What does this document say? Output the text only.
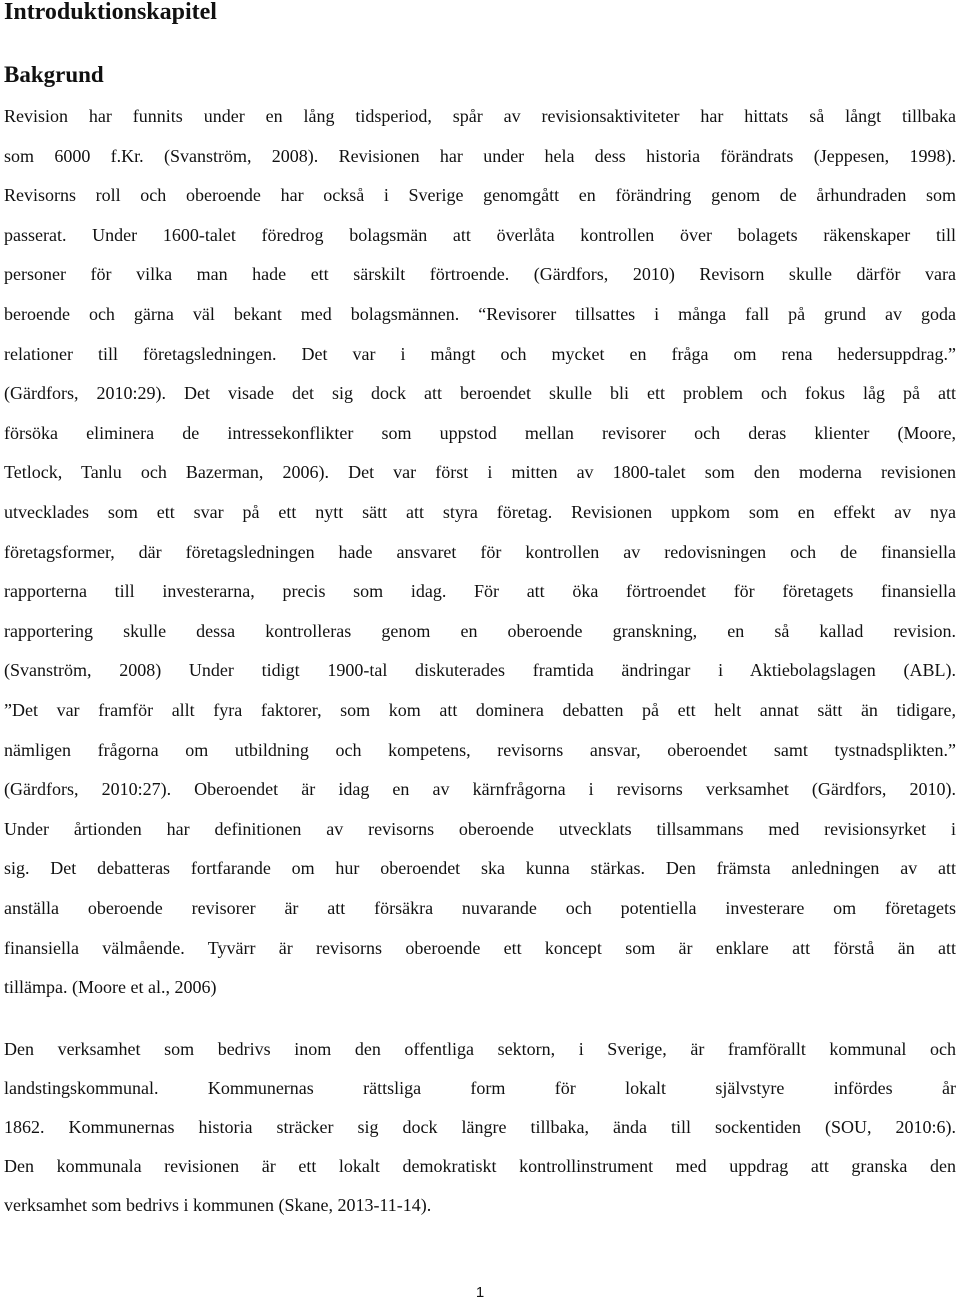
Introduktionskapitel
Bakgrund
Revision har funnits under en lång tidsperiod, spår av revisionsaktiviteter har hittats så långt tillbaka
som 6000 f.Kr. (Svanström, 2008). Revisionen har under hela dess historia förändrats (Jeppesen, 1998).
Revisorns roll och oberoende har också i Sverige genomgått en förändring genom de århundraden som
passerat. Under 1600-talet föredrog bolagsmän att överlåta kontrollen över bolagets räkenskaper till
personer för vilka man hade ett särskilt förtroende. (Gärdfors, 2010) Revisorn skulle därför vara
beroende och gärna väl bekant med bolagsmännen. “Revisorer tillsattes i många fall på grund av goda
relationer till företagsledningen. Det var i mångt och mycket en fråga om rena hedersuppdrag.”
(Gärdfors, 2010:29). Det visade det sig dock att beroendet skulle bli ett problem och fokus låg på att
försöka eliminera de intressekonflikter som uppstod mellan revisorer och deras klienter (Moore,
Tetlock, Tanlu och Bazerman, 2006). Det var först i mitten av 1800-talet som den moderna revisionen
utvecklades som ett svar på ett nytt sätt att styra företag. Revisionen uppkom som en effekt av nya
företagsformer, där företagsledningen hade ansvaret för kontrollen av redovisningen och de finansiella
rapporterna till investerarna, precis som idag. För att öka förtroendet för företagets finansiella
rapportering skulle dessa kontrolleras genom en oberoende granskning, en så kallad revision.
(Svanström, 2008) Under tidigt 1900-tal diskuterades framtida ändringar i Aktiebolagslagen (ABL).
”Det var framför allt fyra faktorer, som kom att dominera debatten på ett helt annat sätt än tidigare,
nämligen frågorna om utbildning och kompetens, revisorns ansvar, oberoendet samt tystnadsplikten.”
(Gärdfors, 2010:27). Oberoendet är idag en av kärnfrågorna i revisorns verksamhet (Gärdfors, 2010).
Under årtionden har definitionen av revisorns oberoende utvecklats tillsammans med revisionsyrket i
sig. Det debatteras fortfarande om hur oberoendet ska kunna stärkas. Den främsta anledningen av att
anställa oberoende revisorer är att försäkra nuvarande och potentiella investerare om företagets
finansiella välmående. Tyvärr är revisorns oberoende ett koncept som är enklare att förstå än att
tillämpa. (Moore et al., 2006)
Den verksamhet som bedrivs inom den offentliga sektorn, i Sverige, är framförallt kommunal och
landstingskommunal. Kommunernas rättsliga form för lokalt självstyre infördes år
1862. Kommunernas historia sträcker sig dock längre tillbaka, ända till sockentiden (SOU, 2010:6).
Den kommunala revisionen är ett lokalt demokratiskt kontrollinstrument med uppdrag att granska den
verksamhet som bedrivs i kommunen (Skane, 2013-11-14).
1
